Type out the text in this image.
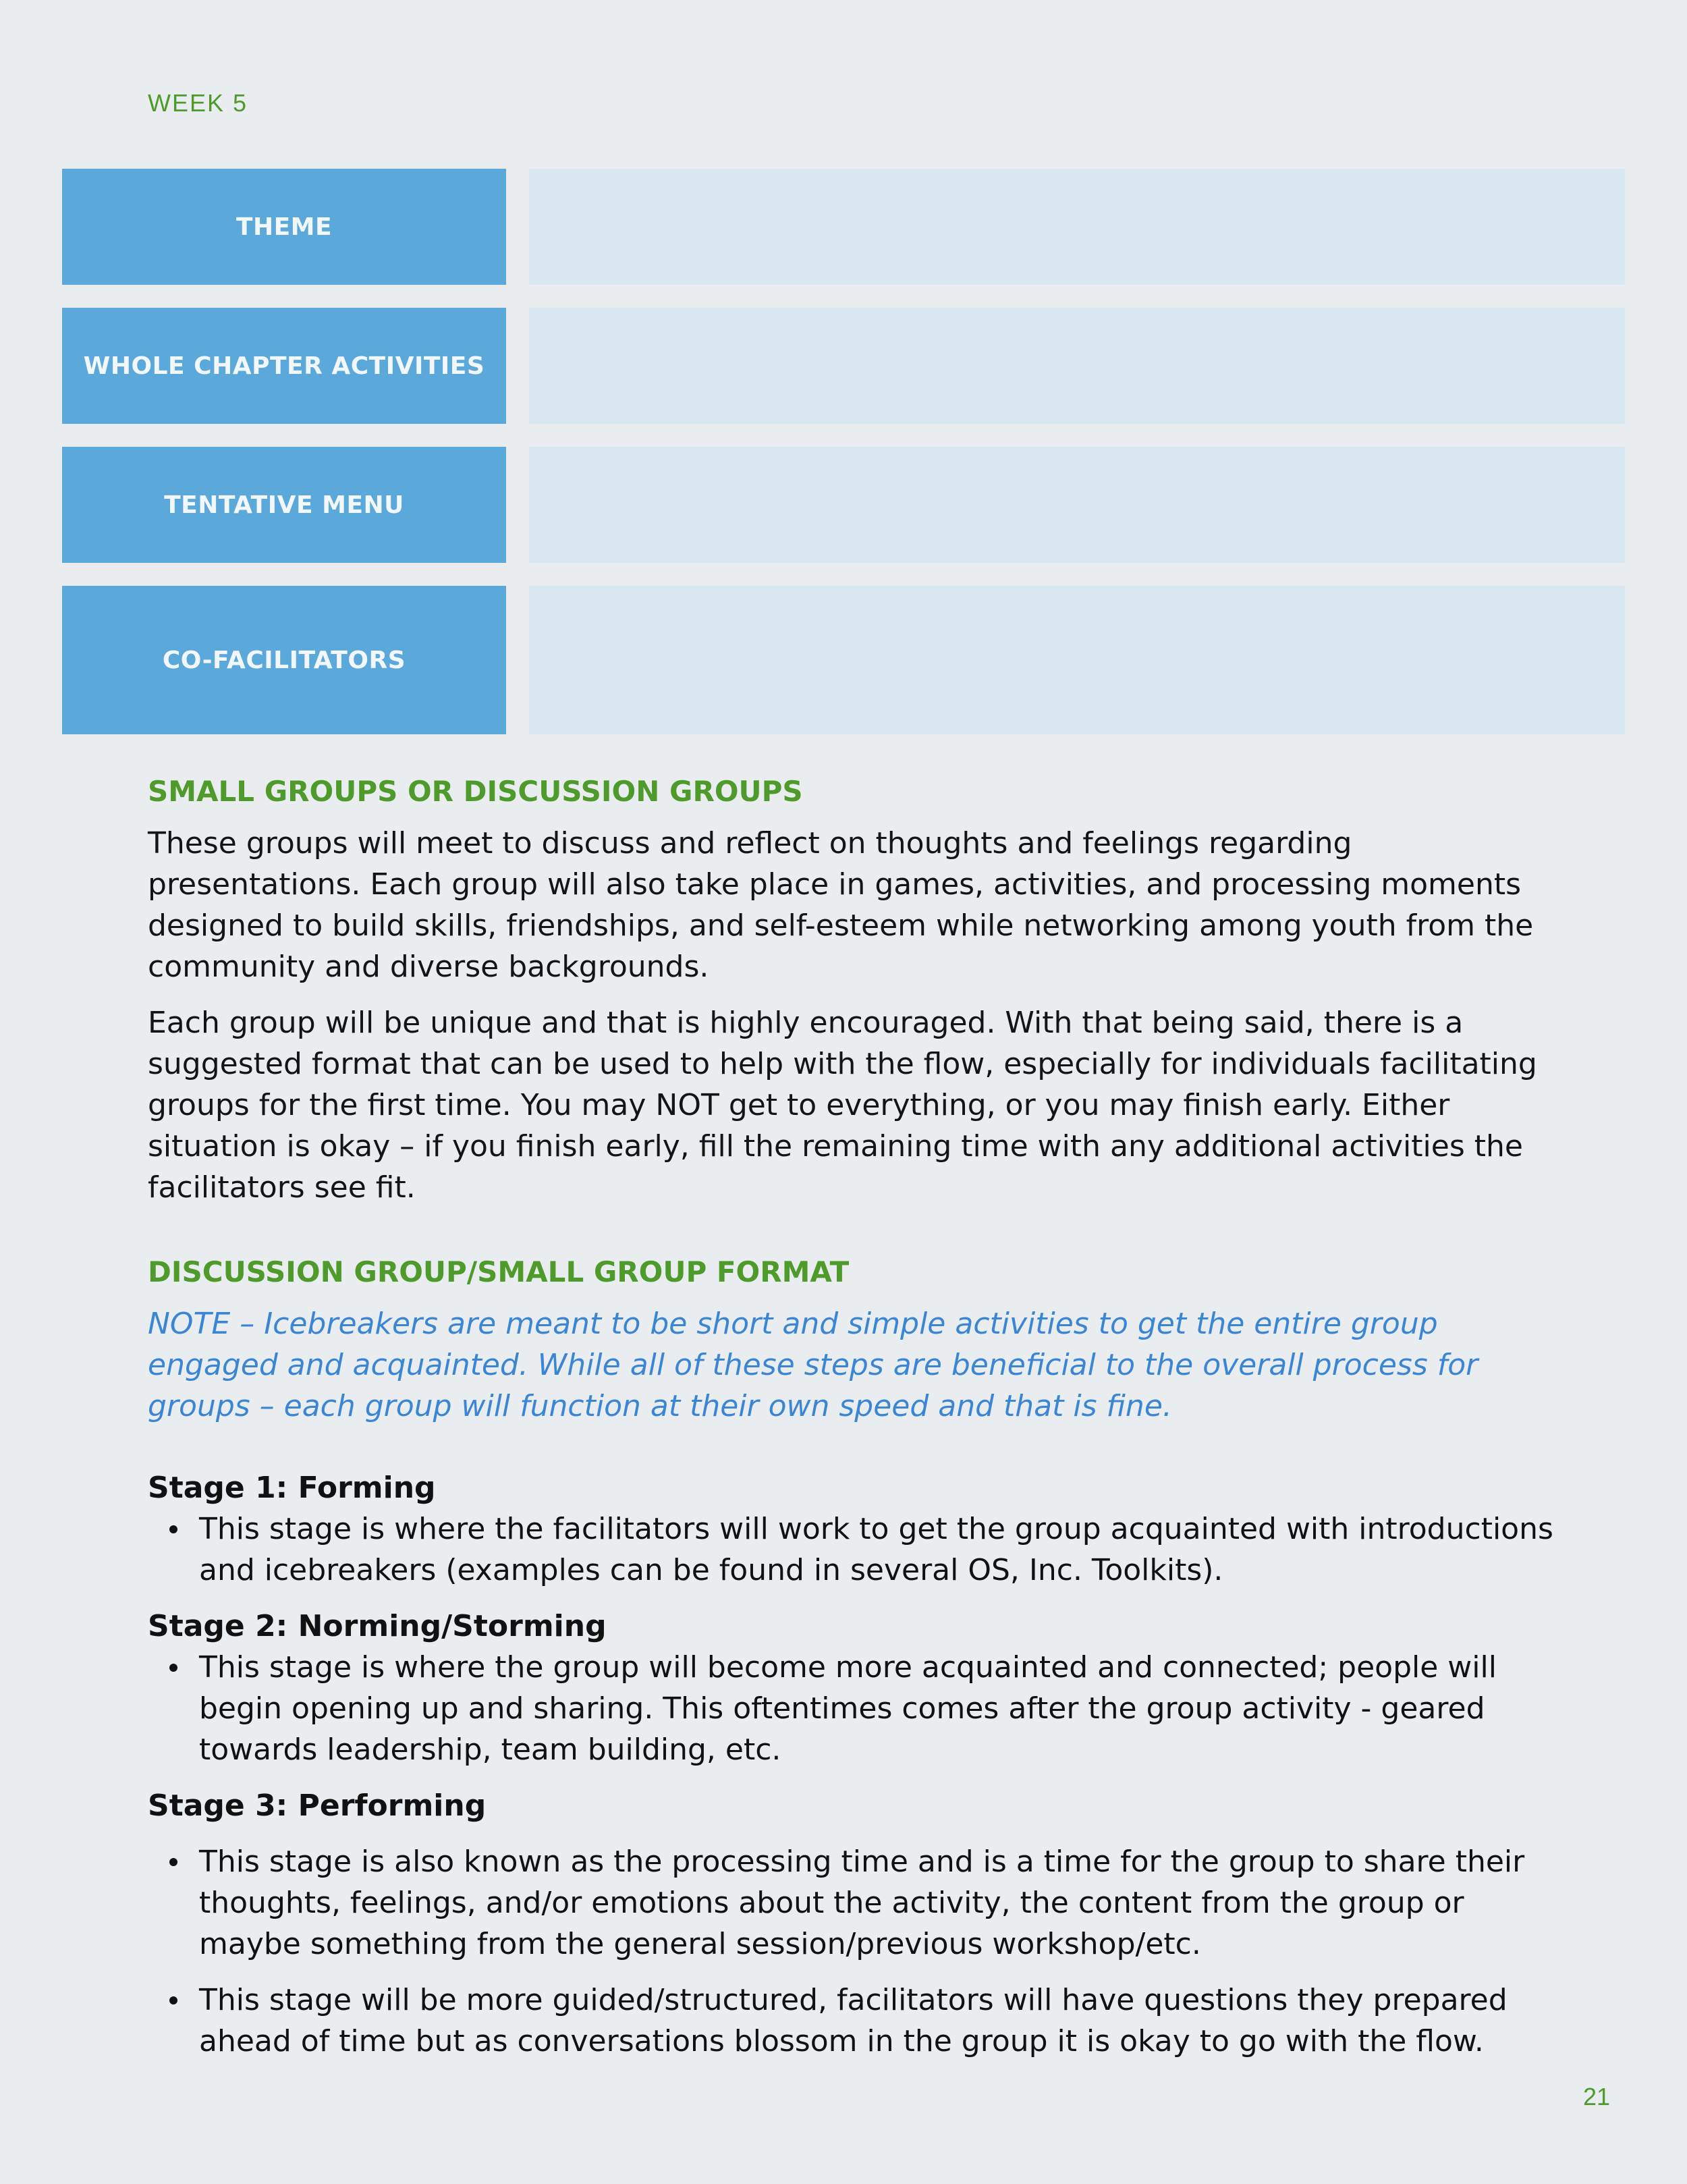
WEEK 5
THEME
WHOLE CHAPTER ACTIVITIES
TENTATIVE MENU
CO-FACILITATORS
SMALL GROUPS OR DISCUSSION GROUPS

These groups will meet to discuss and reflect on thoughts and feelings regarding presentations. Each group will also take place in games, activities, and processing moments designed to build skills, friendships, and self-esteem while networking among youth from the community and diverse backgrounds.

Each group will be unique and that is highly encouraged. With that being said, there is a suggested format that can be used to help with the flow, especially for individuals facilitating groups for the first time. You may NOT get to everything, or you may finish early. Either situation is okay – if you finish early, fill the remaining time with any additional activities the facilitators see fit.

DISCUSSION GROUP/SMALL GROUP FORMAT

NOTE – Icebreakers are meant to be short and simple activities to get the entire group engaged and acquainted. While all of these steps are beneficial to the overall process for groups – each group will function at their own speed and that is fine.

Stage 1: Forming

This stage is where the facilitators will work to get the group acquainted with introductions and icebreakers (examples can be found in several OS, Inc. Toolkits).

Stage 2: Norming/Storming

This stage is where the group will become more acquainted and connected; people will begin opening up and sharing. This oftentimes comes after the group activity - geared towards leadership, team building, etc.

Stage 3: Performing

This stage is also known as the processing time and is a time for the group to share their thoughts, feelings, and/or emotions about the activity, the content from the group or maybe something from the general session/previous workshop/etc.
This stage will be more guided/structured, facilitators will have questions they prepared ahead of time but as conversations blossom in the group it is okay to go with the flow.
21
